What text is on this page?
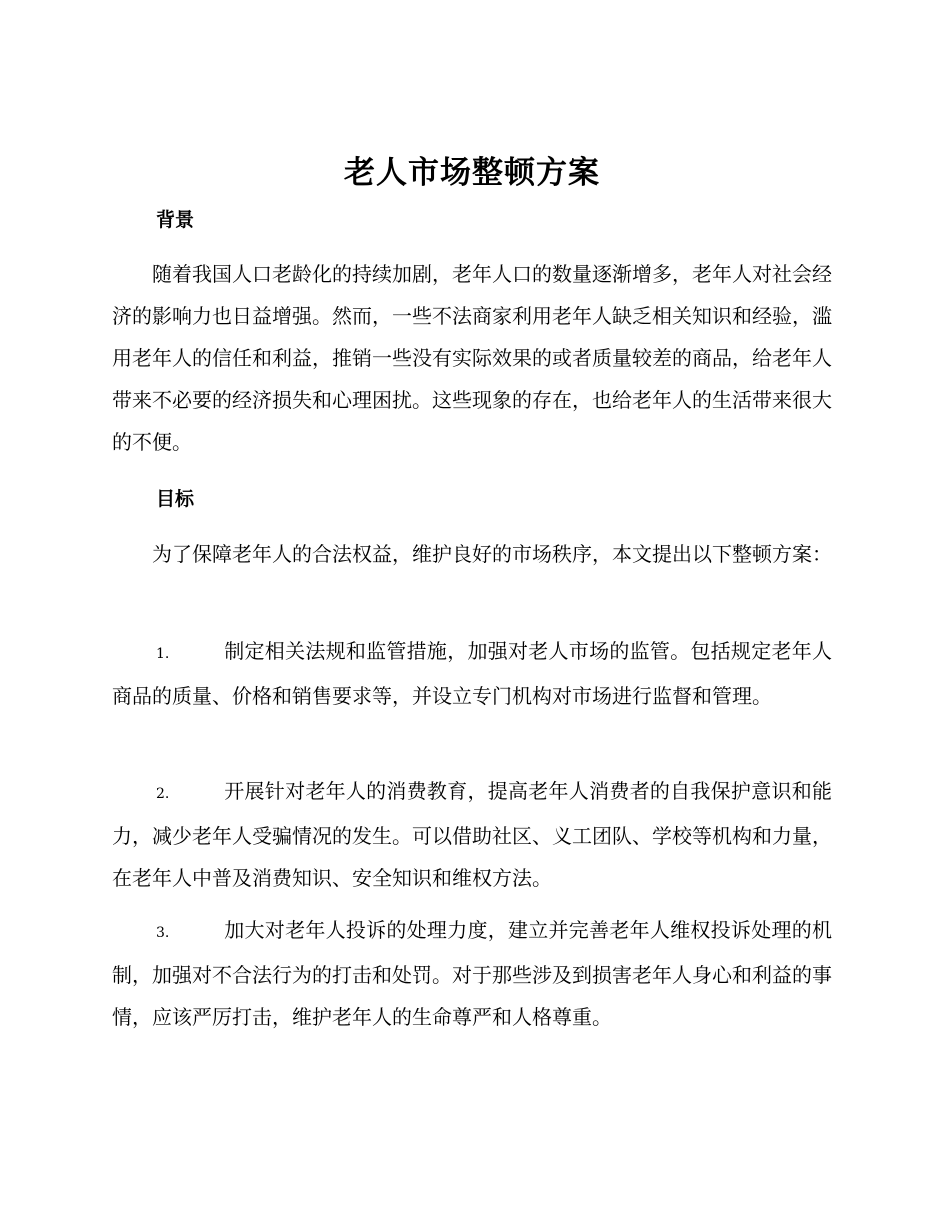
老人市场整顿方案
背景
随着我国人口老龄化的持续加剧，老年人口的数量逐渐增多，老年人对社会经济的影响力也日益增强。然而，一些不法商家利用老年人缺乏相关知识和经验，滥用老年人的信任和利益，推销一些没有实际效果的或者质量较差的商品，给老年人带来不必要的经济损失和心理困扰。这些现象的存在，也给老年人的生活带来很大的不便。
目标
为了保障老年人的合法权益，维护良好的市场秩序，本文提出以下整顿方案：
1.	制定相关法规和监管措施，加强对老人市场的监管。包括规定老年人商品的质量、价格和销售要求等，并设立专门机构对市场进行监督和管理。
2.	开展针对老年人的消费教育，提高老年人消费者的自我保护意识和能力，减少老年人受骗情况的发生。可以借助社区、义工团队、学校等机构和力量，在老年人中普及消费知识、安全知识和维权方法。
3.	加大对老年人投诉的处理力度，建立并完善老年人维权投诉处理的机制，加强对不合法行为的打击和处罚。对于那些涉及到损害老年人身心和利益的事情，应该严厉打击，维护老年人的生命尊严和人格尊重。
